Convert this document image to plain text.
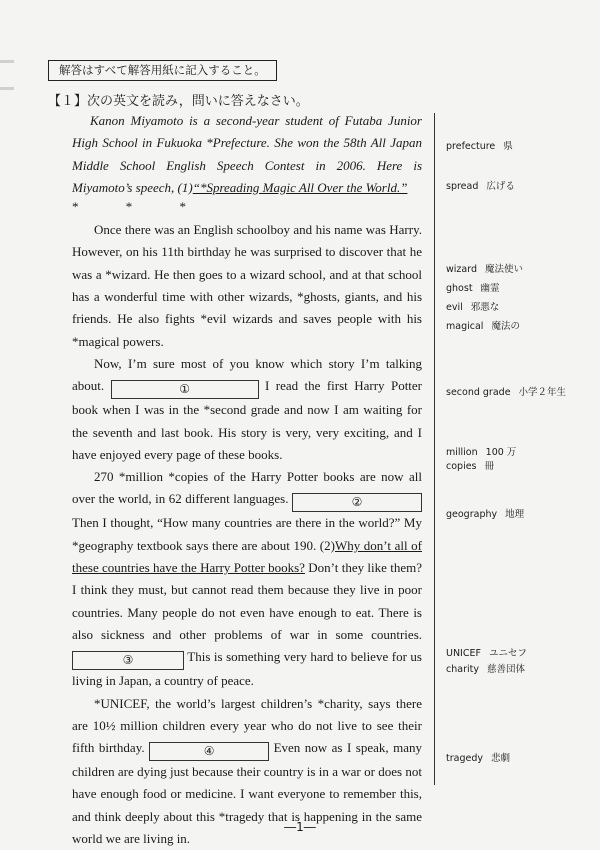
解答はすべて解答用紙に記入すること。
【１】次の英文を読み，問いに答えなさい。

Kanon Miyamoto is a second-year student of Futaba Junior High School in Fukuoka *Prefecture. She won the 58th All Japan Middle School English Speech Contest in 2006. Here is Miyamoto’s speech, (1)“*Spreading Magic All Over the World.”

* * *

Once there was an English schoolboy and his name was Harry. However, on his 11th birthday he was surprised to discover that he was a *wizard. He then goes to a wizard school, and at that school has a wonderful time with other wizards, *ghosts, giants, and his friends. He also fights *evil wizards and saves people with his *magical powers.

Now, I’m sure most of you know which story I’m talking about.	①	I read the first Harry Potter book when I was in the *second grade and now I am waiting for the seventh and last book. His story is very, very exciting, and I have enjoyed every page of these books.

270 *million *copies of the Harry Potter books are now all over the world, in 62 different languages.	② Then I thought, “How many countries are there in the world?” My *geography textbook says there are about 190. (2)Why don’t all of these countries have the Harry Potter books? Don’t they like them? I think they must, but cannot read them because they live in poor countries. Many people do not even have enough to eat. There is also sickness and other problems of war in some countries. ③	This is something very hard to believe for us living in Japan, a country of peace.

*UNICEF, the world’s largest children’s *charity, says there are 10½ million children every year who do not live to see their fifth birthday.	④	Even now as I speak, many children are dying just because their country is in a war or does not have enough food or medicine. I want everyone to remember this, and think deeply about this *tragedy that is happening in the same world we are living in.

prefecture 県
spread 広げる
wizard 魔法使い
ghost 幽霊
evil 邪悪な
magical 魔法の
second grade 小学２年生
million 100 万
copies 冊
geography 地理
UNICEF ユニセフ
charity 慈善団体
tragedy 悲劇
―1―
